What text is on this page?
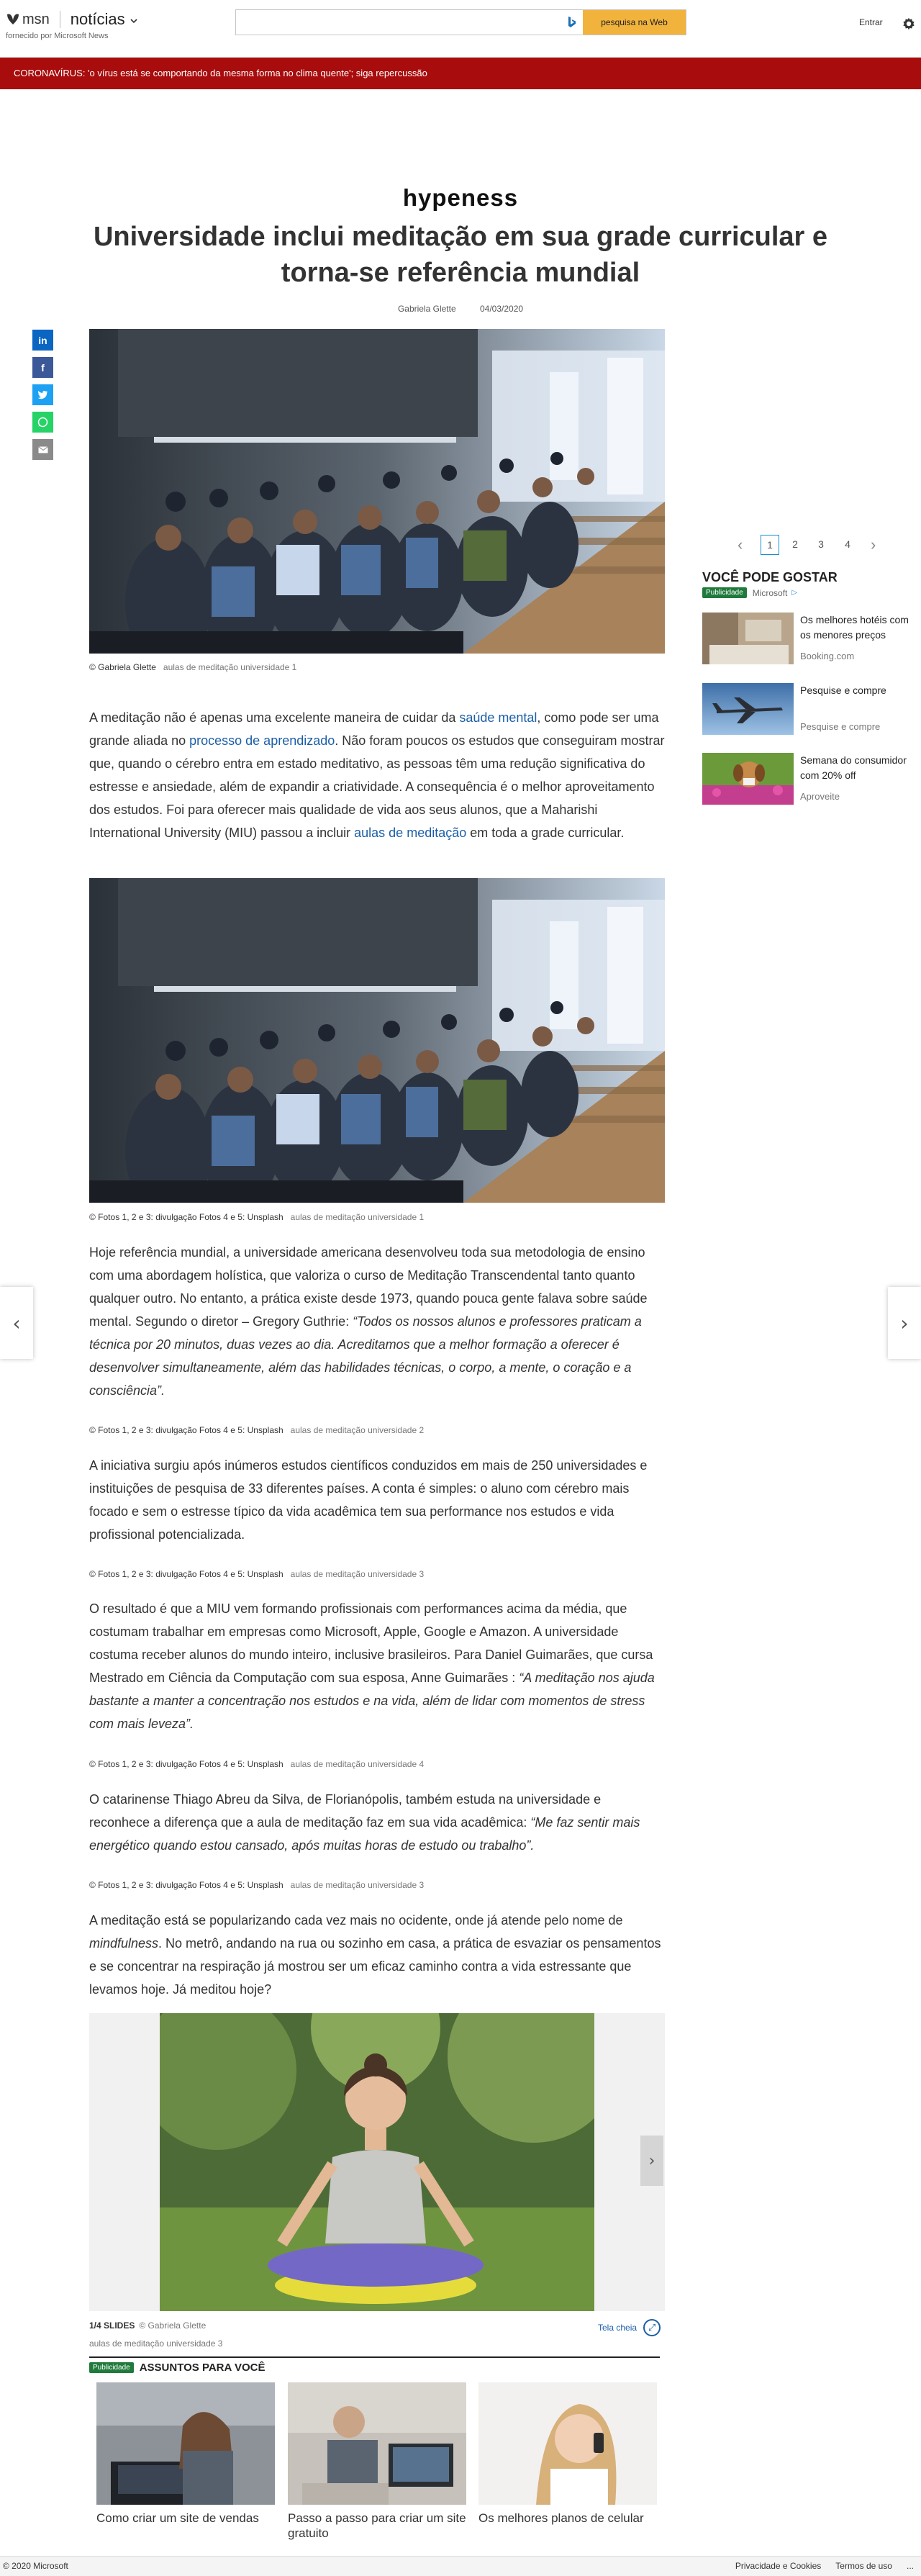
msn notícias
fornecido por Microsoft News
pesquisa na Web	Entrar
CORONAVÍRUS: 'o vírus está se comportando da mesma forma no clima quente'; siga repercussão
hypeness
Universidade inclui meditação em sua grade curricular e torna-se referência mundial
Gabriela Glette	04/03/2020
in
f
© Gabriela Glette aulas de meditação universidade 1

A meditação não é apenas uma excelente maneira de cuidar da saúde mental, como pode ser uma grande aliada no processo de aprendizado. Não foram poucos os estudos que conseguiram mostrar que, quando o cérebro entra em estado meditativo, as pessoas têm uma redução significativa do estresse e ansiedade, além de expandir a criatividade. A consequência é o melhor aproveitamento dos estudos. Foi para oferecer mais qualidade de vida aos seus alunos, que a Maharishi International University (MIU) passou a incluir aulas de meditação em toda a grade curricular.

© Fotos 1, 2 e 3: divulgação Fotos 4 e 5: Unsplash aulas de meditação universidade 1

Hoje referência mundial, a universidade americana desenvolveu toda sua metodologia de ensino com uma abordagem holística, que valoriza o curso de Meditação Transcendental tanto quanto qualquer outro. No entanto, a prática existe desde 1973, quando pouca gente falava sobre saúde mental. Segundo o diretor – Gregory Guthrie: “Todos os nossos alunos e professores praticam a técnica por 20 minutos, duas vezes ao dia. Acreditamos que a melhor formação a oferecer é desenvolver simultaneamente, além das habilidades técnicas, o corpo, a mente, o coração e a consciência”.

© Fotos 1, 2 e 3: divulgação Fotos 4 e 5: Unsplash aulas de meditação universidade 2

A iniciativa surgiu após inúmeros estudos científicos conduzidos em mais de 250 universidades e instituições de pesquisa de 33 diferentes países. A conta é simples: o aluno com cérebro mais focado e sem o estresse típico da vida acadêmica tem sua performance nos estudos e vida profissional potencializada.

© Fotos 1, 2 e 3: divulgação Fotos 4 e 5: Unsplash aulas de meditação universidade 3

O resultado é que a MIU vem formando profissionais com performances acima da média, que costumam trabalhar em empresas como Microsoft, Apple, Google e Amazon. A universidade costuma receber alunos do mundo inteiro, inclusive brasileiros. Para Daniel Guimarães, que cursa Mestrado em Ciência da Computação com sua esposa, Anne Guimarães : “A meditação nos ajuda bastante a manter a concentração nos estudos e na vida, além de lidar com momentos de stress com mais leveza”.

© Fotos 1, 2 e 3: divulgação Fotos 4 e 5: Unsplash aulas de meditação universidade 4

O catarinense Thiago Abreu da Silva, de Florianópolis, também estuda na universidade e reconhece a diferença que a aula de meditação faz em sua vida acadêmica: “Me faz sentir mais energético quando estou cansado, após muitas horas de estudo ou trabalho”.

© Fotos 1, 2 e 3: divulgação Fotos 4 e 5: Unsplash aulas de meditação universidade 3

A meditação está se popularizando cada vez mais no ocidente, onde já atende pelo nome de mindfulness. No metrô, andando na rua ou sozinho em casa, a prática de esvaziar os pensamentos e se concentrar na respiração já mostrou ser um eficaz caminho contra a vida estressante que levamos hoje. Já meditou hoje?

›
1/4 SLIDES © Gabriela Glette
aulas de meditação universidade 3
Tela cheia	⤢
Publicidade ASSUNTOS PARA VOCÊ
Como criar um site de vendas	Passo a passo para criar um site gratuito
Os melhores planos de celular
‹	1	2	3	4	›
VOCÊ PODE GOSTAR
Publicidade	Microsoft ▷
Os melhores hotéis com os menores preços
Booking.com
Pesquise e compre
Pesquise e compre
Semana do consumidor com 20% off
Aproveite
‹	›
© 2020 Microsoft	Privacidade e Cookies Termos de uso ...
